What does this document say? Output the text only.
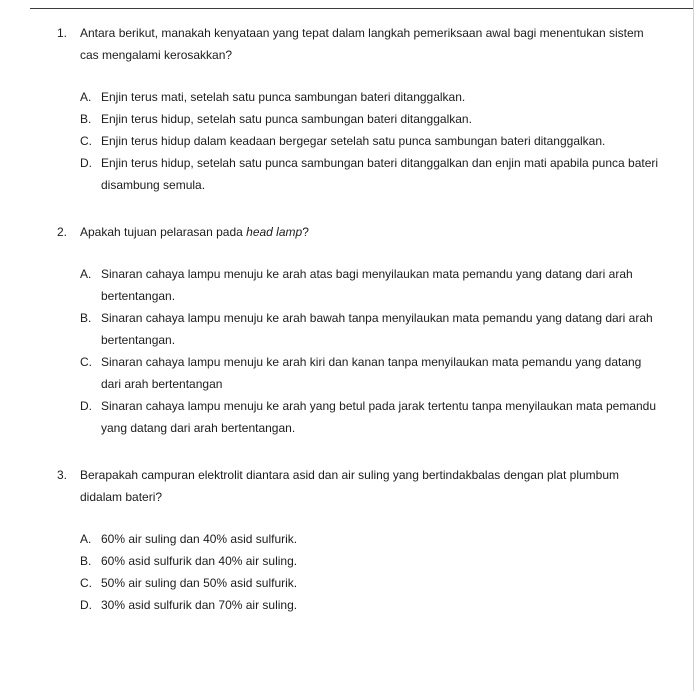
1.	Antara berikut, manakah kenyataan yang tepat dalam langkah pemeriksaan awal bagi menentukan sistem cas mengalami kerosakkan?
A. Enjin terus mati, setelah satu punca sambungan bateri ditanggalkan.
B. Enjin terus hidup, setelah satu punca sambungan bateri ditanggalkan.
C. Enjin terus hidup dalam keadaan bergegar setelah satu punca sambungan bateri ditanggalkan.
D. Enjin terus hidup, setelah satu punca sambungan bateri ditanggalkan dan enjin mati apabila punca bateri disambung semula.
2.	Apakah tujuan pelarasan pada head lamp?
A. Sinaran cahaya lampu menuju ke arah atas bagi menyilaukan mata pemandu yang datang dari arah bertentangan.
B. Sinaran cahaya lampu menuju ke arah bawah tanpa menyilaukan mata pemandu yang datang dari arah bertentangan.
C. Sinaran cahaya lampu menuju ke arah kiri dan kanan tanpa menyilaukan mata pemandu yang datang dari arah bertentangan
D. Sinaran cahaya lampu menuju ke arah yang betul pada jarak tertentu tanpa menyilaukan mata pemandu yang datang dari arah bertentangan.
3.	Berapakah campuran elektrolit diantara asid dan air suling yang bertindakbalas dengan plat plumbum didalam bateri?
A. 60% air suling dan 40% asid sulfurik.
B. 60% asid sulfurik dan 40% air suling.
C. 50% air suling dan 50% asid sulfurik.
D. 30% asid sulfurik dan 70% air suling.
